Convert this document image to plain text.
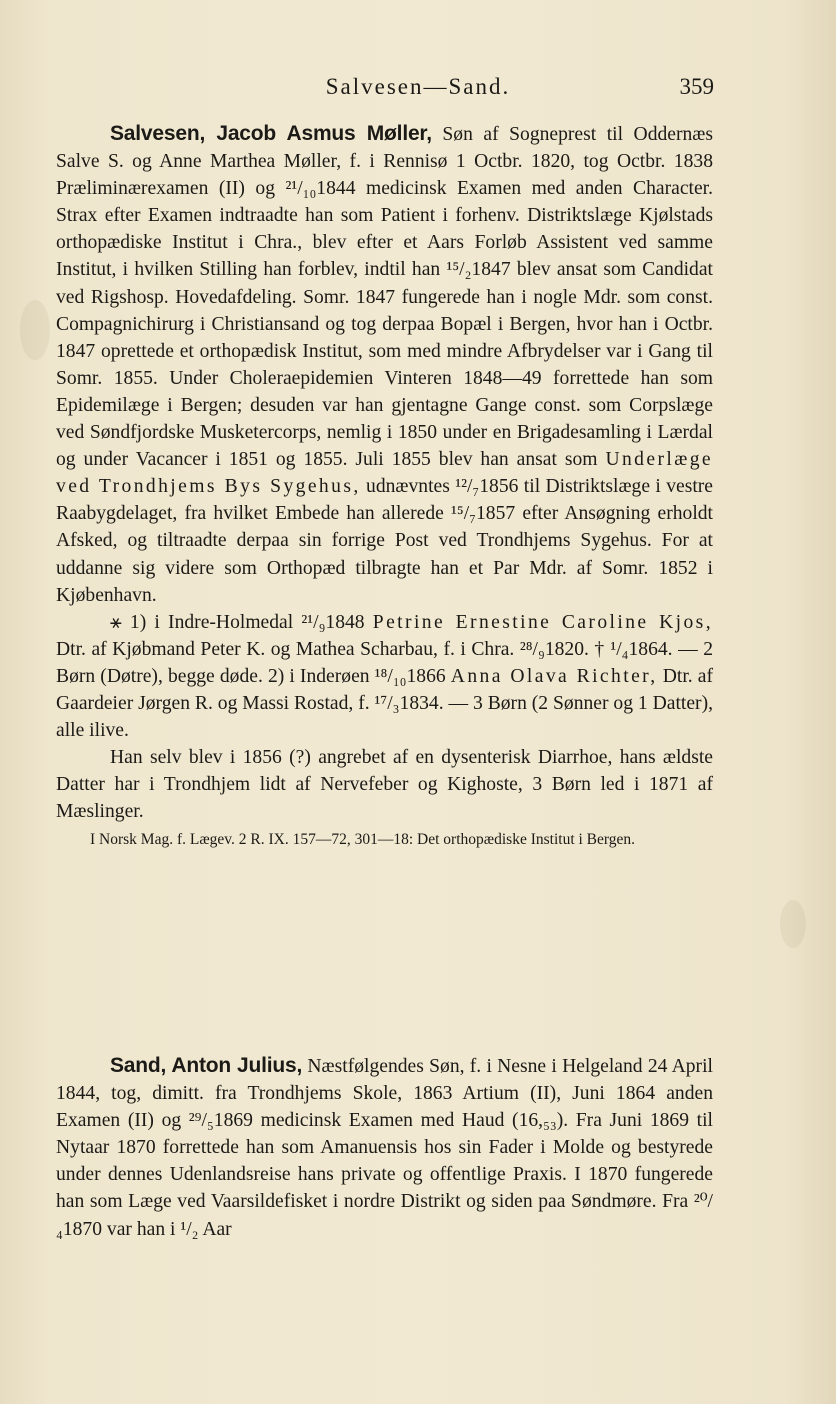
Salvesen—Sand.	359

Salvesen, Jacob Asmus Møller, Søn af Sogneprest til Oddernæs Salve S. og Anne Marthea Møller, f. i Rennisø 1 Octbr. 1820, tog Octbr. 1838 Præliminærexamen (II) og ²¹/₁₀1844 medicinsk Examen med anden Character. Strax efter Examen indtraadte han som Patient i forhenv. Distriktslæge Kjølstads orthopædiske Institut i Chra., blev efter et Aars Forløb Assistent ved samme Institut, i hvilken Stilling han forblev, indtil han ¹⁵/₂1847 blev ansat som Candidat ved Rigshosp. Hovedafdeling. Somr. 1847 fungerede han i nogle Mdr. som const. Compagnichirurg i Christiansand og tog derpaa Bopæl i Bergen, hvor han i Octbr. 1847 oprettede et orthopædisk Institut, som med mindre Afbrydelser var i Gang til Somr. 1855. Under Choleraepidemien Vinteren 1848—49 forrettede han som Epidemilæge i Bergen; desuden var han gjentagne Gange const. som Corpslæge ved Søndfjordske Musketercorps, nemlig i 1850 under en Brigadesamling i Lærdal og under Vacancer i 1851 og 1855. Juli 1855 blev han ansat som Underlæge ved Trondhjems Bys Sygehus, udnævntes ¹²/₇1856 til Distriktslæge i vestre Raabygdelaget, fra hvilket Embede han allerede ¹⁵/₇1857 efter Ansøgning erholdt Afsked, og tiltraadte derpaa sin forrige Post ved Trondhjems Sygehus. For at uddanne sig videre som Orthopæd tilbragte han et Par Mdr. af Somr. 1852 i Kjøbenhavn.

⚹ 1) i Indre-Holmedal ²¹/₉1848 Petrine Ernestine Caroline Kjos, Dtr. af Kjøbmand Peter K. og Mathea Scharbau, f. i Chra. ²⁸/₉1820. † ¹/₄1864. — 2 Børn (Døtre), begge døde. 2) i Inderøen ¹⁸/₁₀1866 Anna Olava Richter, Dtr. af Gaardeier Jørgen R. og Massi Rostad, f. ¹⁷/₃1834. — 3 Børn (2 Sønner og 1 Datter), alle ilive.

Han selv blev i 1856 (?) angrebet af en dysenterisk Diarrhoe, hans ældste Datter har i Trondhjem lidt af Nervefeber og Kighoste, 3 Børn led i 1871 af Mæslinger.

I Norsk Mag. f. Lægev. 2 R. IX. 157—72, 301—18: Det orthopædiske Institut i Bergen.

Sand, Anton Julius, Næstfølgendes Søn, f. i Nesne i Helgeland 24 April 1844, tog, dimitt. fra Trondhjems Skole, 1863 Artium (II), Juni 1864 anden Examen (II) og ²⁹/₅1869 medicinsk Examen med Haud (16,₅₃). Fra Juni 1869 til Nytaar 1870 forrettede han som Amanuensis hos sin Fader i Molde og bestyrede under dennes Udenlandsreise hans private og offentlige Praxis. I 1870 fungerede han som Læge ved Vaarsildefisket i nordre Distrikt og siden paa Søndmøre. Fra ²⁰/₄1870 var han i ¹/₂ Aar
